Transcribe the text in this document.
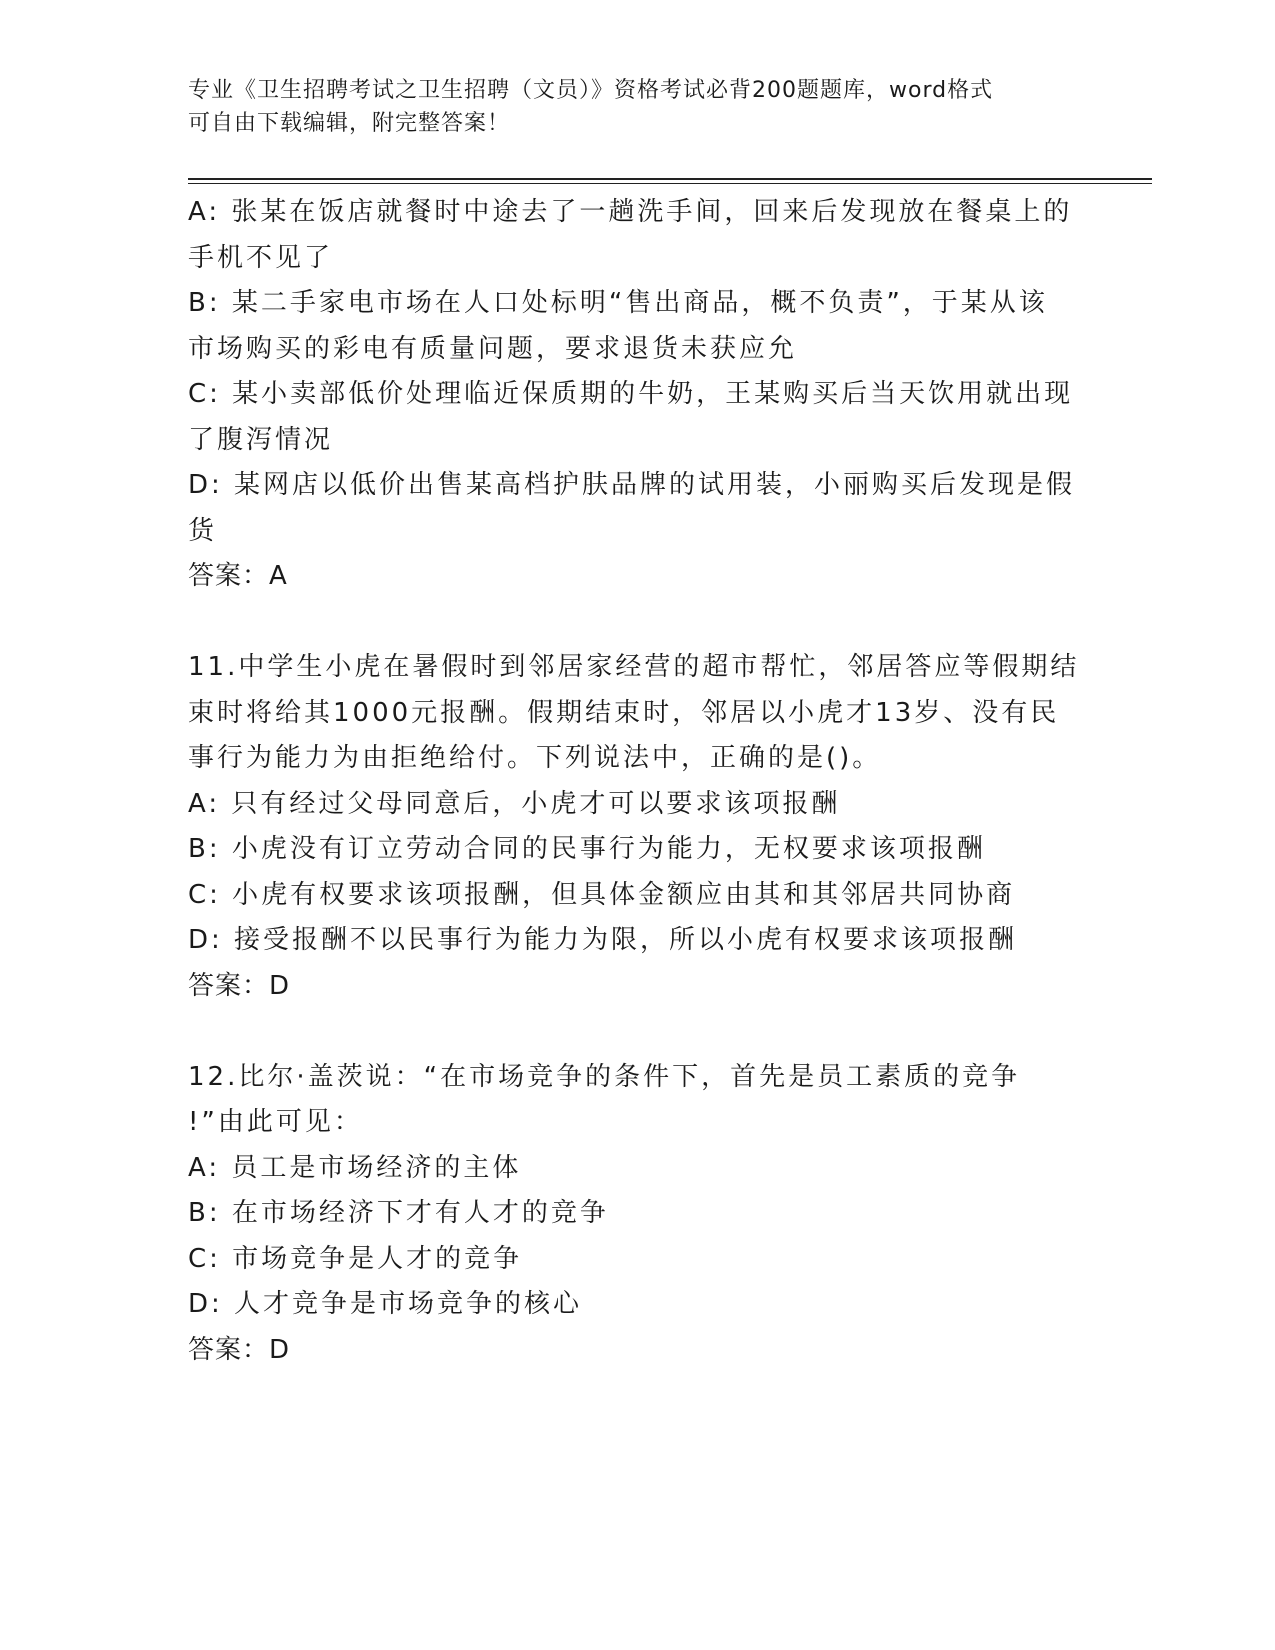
专业《卫生招聘考试之卫生招聘（文员）》资格考试必背200题题库，word格式
可自由下载编辑，附完整答案！
A: 张某在饭店就餐时中途去了一趟洗手间，回来后发现放在餐桌上的
手机不见了
B: 某二手家电市场在人口处标明“售出商品，概不负责”，于某从该
市场购买的彩电有质量问题，要求退货未获应允
C: 某小卖部低价处理临近保质期的牛奶，王某购买后当天饮用就出现
了腹泻情况
D: 某网店以低价出售某高档护肤品牌的试用装，小丽购买后发现是假
货
答案：A
11.中学生小虎在暑假时到邻居家经营的超市帮忙，邻居答应等假期结
束时将给其1000元报酬。假期结束时，邻居以小虎才13岁、没有民
事行为能力为由拒绝给付。下列说法中，正确的是()。
A: 只有经过父母同意后，小虎才可以要求该项报酬
B: 小虎没有订立劳动合同的民事行为能力，无权要求该项报酬
C: 小虎有权要求该项报酬，但具体金额应由其和其邻居共同协商
D: 接受报酬不以民事行为能力为限，所以小虎有权要求该项报酬
答案：D
12.比尔·盖茨说：“在市场竞争的条件下，首先是员工素质的竞争
!”由此可见：
A: 员工是市场经济的主体
B: 在市场经济下才有人才的竞争
C: 市场竞争是人才的竞争
D: 人才竞争是市场竞争的核心
答案：D
